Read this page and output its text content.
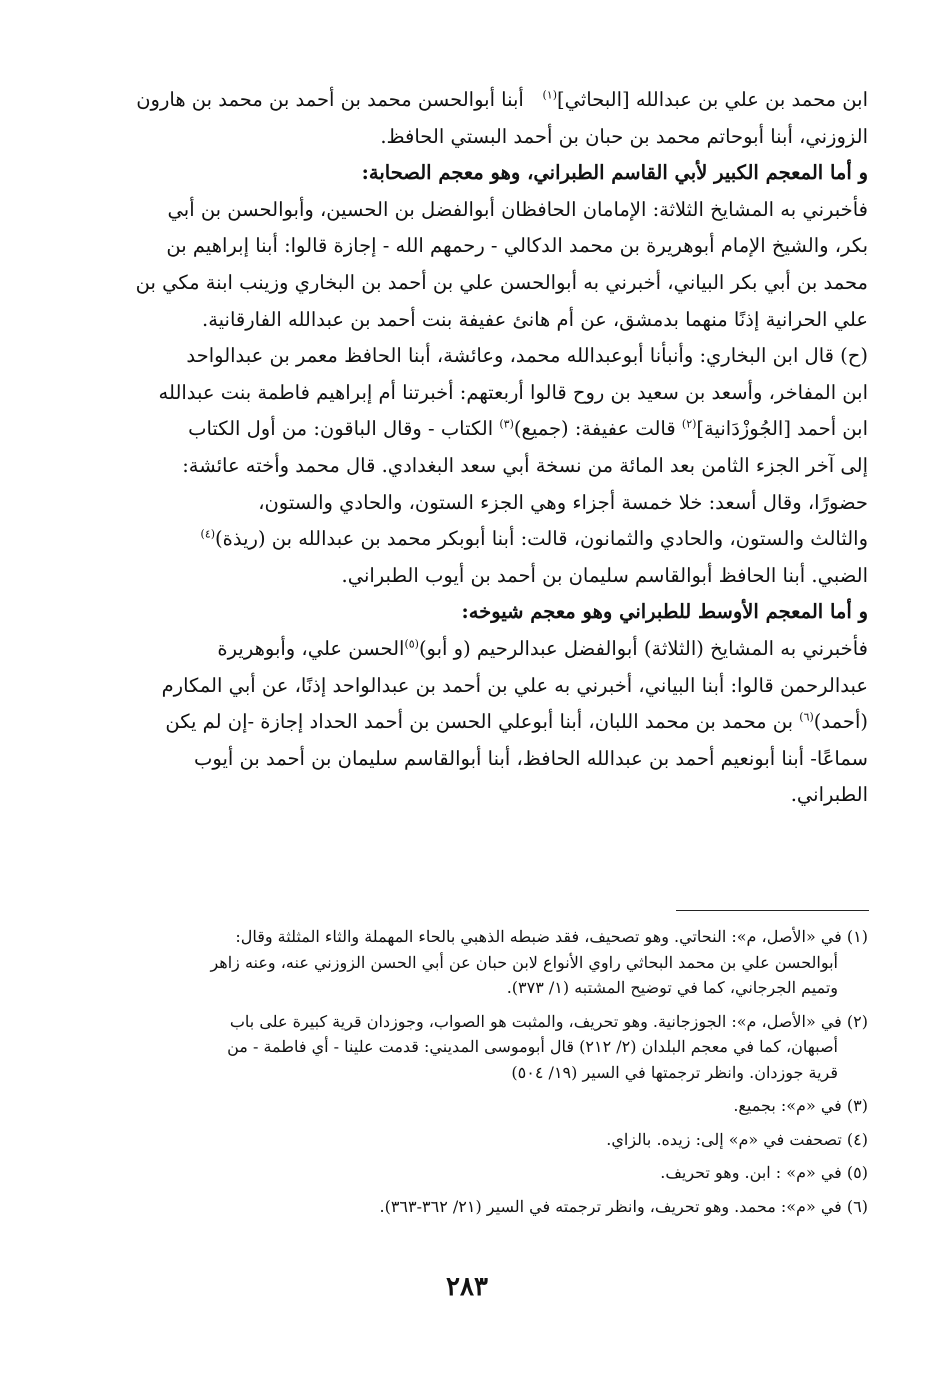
ابن محمد بن علي بن عبدالله [البحاثي]$^{(١)}$   أبنا أبوالحسن محمد بن أحمد بن محمد بن هارون
الزوزني، أبنا أبوحاتم محمد بن حبان بن أحمد البستي الحافظ.

و أما المعجم الكبير لأبي القاسم الطبراني، وهو معجم الصحابة:

فأخبرني به المشايخ الثلاثة: الإمامان الحافظان أبوالفضل بن الحسين، وأبوالحسن بن أبي
بكر، والشيخ الإمام أبوهريرة بن محمد الدكالي - رحمهم الله - إجازة قالوا: أبنا إبراهيم بن
محمد بن أبي بكر البياني، أخبرني به أبوالحسن علي بن أحمد بن البخاري وزينب ابنة مكي بن
علي الحرانية إذنًا منهما بدمشق، عن أم هانئ عفيفة بنت أحمد بن عبدالله الفارقانية.

(ح) قال ابن البخاري: وأنبأنا أبوعبدالله محمد، وعائشة، أبنا الحافظ معمر بن عبدالواحد
ابن المفاخر، وأسعد بن سعيد بن روح قالوا أربعتهم: أخبرتنا أم إبراهيم فاطمة بنت عبدالله
ابن أحمد [الجُوزْدَانية]$^{(٢)}$ قالت عفيفة: (جميع)$^{(٣)}$ الكتاب - وقال الباقون: من أول الكتاب
إلى آخر الجزء الثامن بعد المائة من نسخة أبي سعد البغدادي. قال محمد وأخته عائشة:
حضورًا، وقال أسعد: خلا خمسة أجزاء وهي الجزء الستون، والحادي والستون،
والثالث والستون، والحادي والثمانون، قالت: أبنا أبوبكر محمد بن عبدالله بن (ريذة)$^{(٤)}$
الضبي. أبنا الحافظ أبوالقاسم سليمان بن أحمد بن أيوب الطبراني.

و أما المعجم الأوسط للطبراني وهو معجم شيوخه:

فأخبرني به المشايخ (الثلاثة) أبوالفضل عبدالرحيم (و أبو)$^{(٥)}$الحسن علي، وأبوهريرة
عبدالرحمن قالوا: أبنا البياني، أخبرني به علي بن أحمد بن عبدالواحد إذنًا، عن أبي المكارم
(أحمد)$^{(٦)}$ بن محمد بن محمد اللبان، أبنا أبوعلي الحسن بن أحمد الحداد إجازة -إن لم يكن
سماعًا- أبنا أبونعيم أحمد بن عبدالله الحافظ، أبنا أبوالقاسم سليمان بن أحمد بن أيوب
الطبراني.

(١) في «الأصل، م»: النحاتي. وهو تصحيف، فقد ضبطه الذهبي بالحاء المهملة والثاء المثلثة وقال:
أبوالحسن علي بن محمد البحاثي راوي الأنواع لابن حبان عن أبي الحسن الزوزني عنه، وعنه زاهر
وتميم الجرجاني، كما في توضيح المشتبه (١/ ٣٧٣).
(٢) في «الأصل، م»: الجوزجانية. وهو تحريف، والمثبت هو الصواب، وجوزدان قرية كبيرة على باب
أصبهان، كما في معجم البلدان (٢/ ٢١٢) قال أبوموسى المديني: قدمت علينا - أي فاطمة - من
قرية جوزدان. وانظر ترجمتها في السير (١٩/ ٥٠٤)
(٣) في «م»: بجميع.
(٤) تصحفت في «م» إلى: زيده. بالزاي.
(٥) في «م» : ابن. وهو تحريف.
(٦) في «م»: محمد. وهو تحريف، وانظر ترجمته في السير (٢١/ ٣٦٢-٣٦٣).
٢٨٣
